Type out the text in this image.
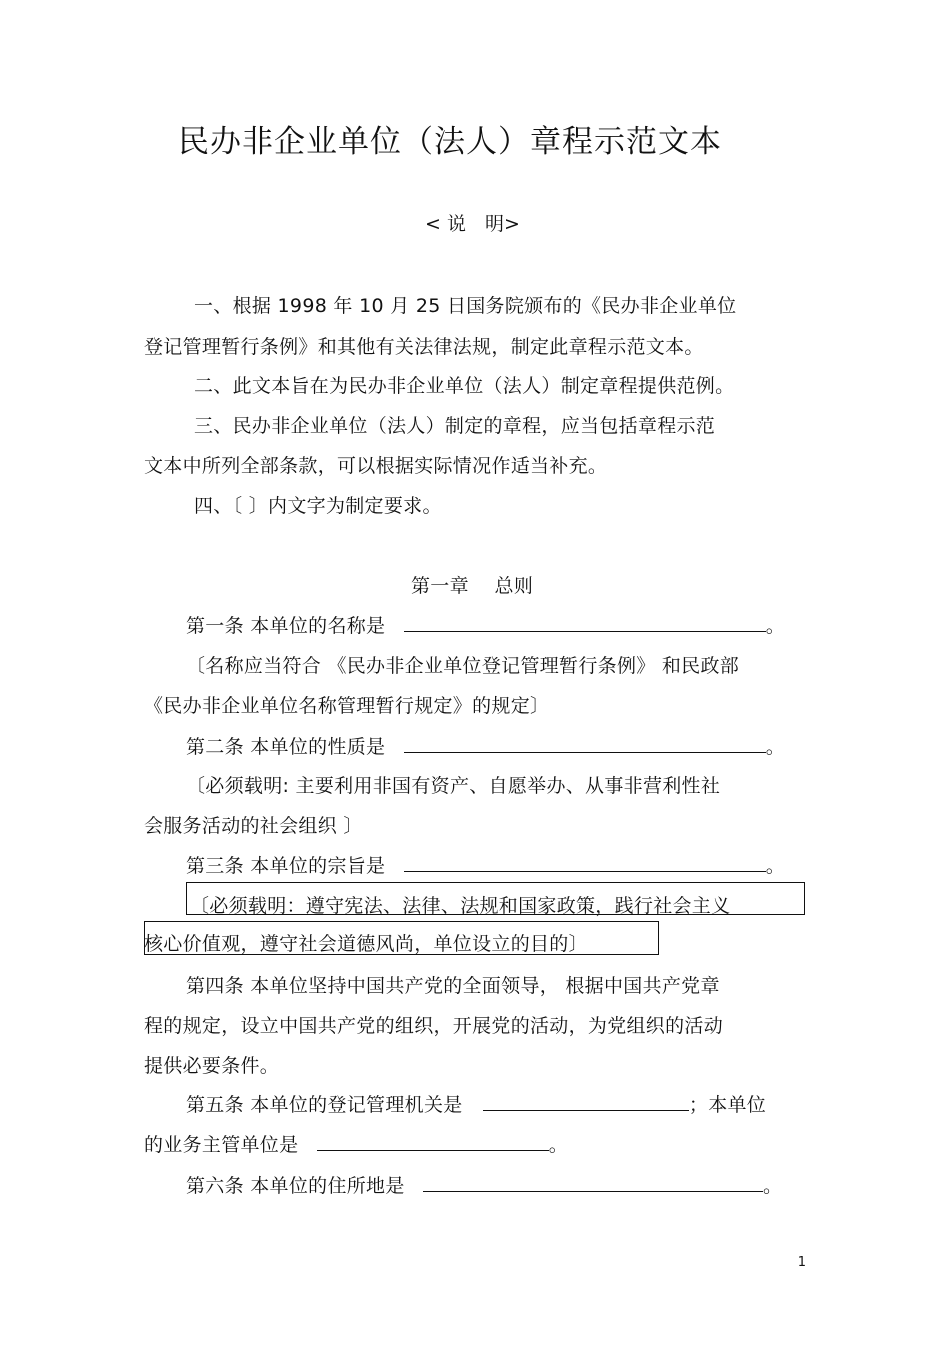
民办非企业单位（法人）章程示范文本
< 说　明>
一、根据 1998 年 10 月 25 日国务院颁布的《民办非企业单位
登记管理暂行条例》和其他有关法律法规，制定此章程示范文本。
二、此文本旨在为民办非企业单位（法人）制定章程提供范例。
三、民办非企业单位（法人）制定的章程，应当包括章程示范
文本中所列全部条款，可以根据实际情况作适当补充。
四、〔 〕内文字为制定要求。
第一章　 总则
第一条 本单位的名称是	。
〔名称应当符合 《民办非企业单位登记管理暂行条例》 和民政部
《民办非企业单位名称管理暂行规定》的规定〕
第二条 本单位的性质是	。
〔必须载明: 主要利用非国有资产、自愿举办、从事非营利性社
会服务活动的社会组织 〕
第三条 本单位的宗旨是	。
〔必须载明：遵守宪法、法律、法规和国家政策，践行社会主义
核心价值观，遵守社会道德风尚，单位设立的目的〕
第四条 本单位坚持中国共产党的全面领导， 根据中国共产党章
程的规定，设立中国共产党的组织，开展党的活动，为党组织的活动
提供必要条件。
第五条 本单位的登记管理机关是	；本单位
的业务主管单位是	。
第六条 本单位的住所地是	。
1
